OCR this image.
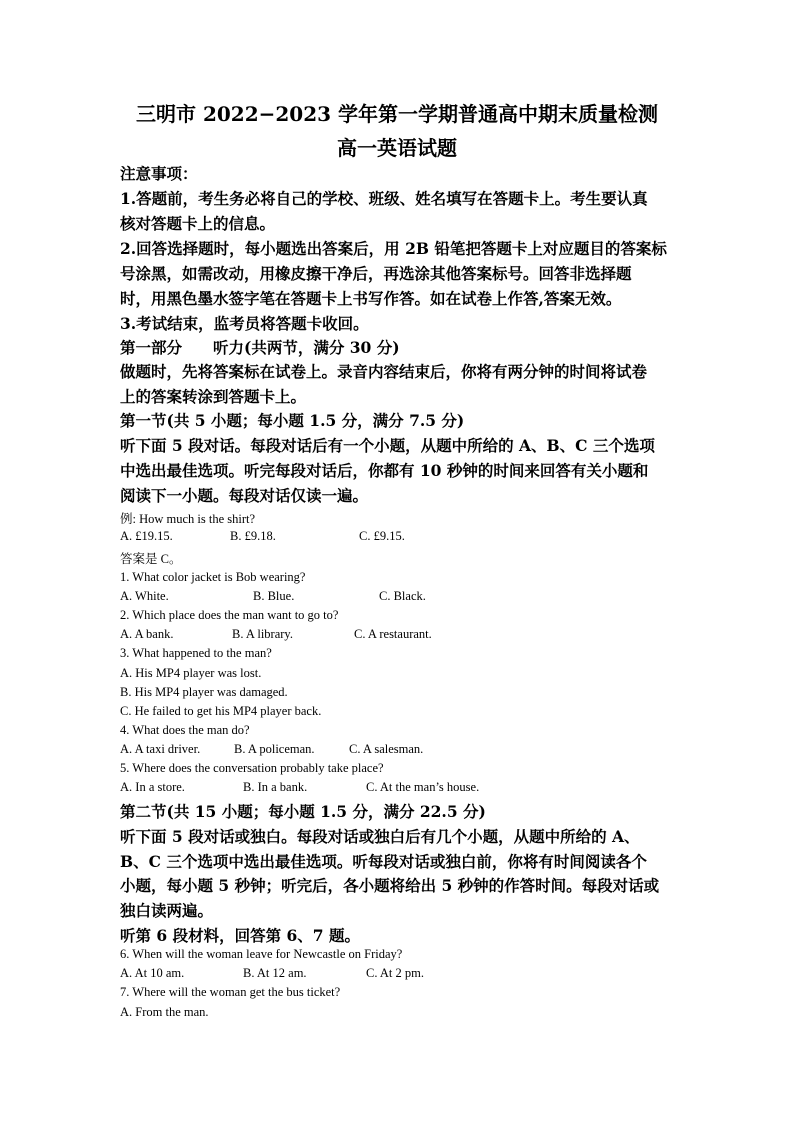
三明市 2022−2023 学年第一学期普通高中期末质量检测
高一英语试题
注意事项：
1.答题前，考生务必将自己的学校、班级、姓名填写在答题卡上。考生要认真
核对答题卡上的信息。
2.回答选择题时，每小题选出答案后，用 2B 铅笔把答题卡上对应题目的答案标
号涂黑，如需改动，用橡皮擦干净后，再选涂其他答案标号。回答非选择题
时，用黑色墨水签字笔在答题卡上书写作答。如在试卷上作答,答案无效。
3.考试结束，监考员将答题卡收回。
第一部分　　听力(共两节，满分 30 分)
做题时，先将答案标在试卷上。录音内容结束后，你将有两分钟的时间将试卷
上的答案转涂到答题卡上。
第一节(共 5 小题；每小题 1.5 分，满分 7.5 分)
听下面 5 段对话。每段对话后有一个小题，从题中所给的 A、B、C 三个选项
中选出最佳选项。听完每段对话后，你都有 10 秒钟的时间来回答有关小题和
阅读下一小题。每段对话仅读一遍。
例: How much is the shirt?
A. £19.15.	B. £9.18.	C. £9.15.
答案是 C。
1. What color jacket is Bob wearing?
A. White.	B. Blue.	C. Black.
2. Which place does the man want to go to?
A. A bank.	B. A library.	C. A restaurant.
3. What happened to the man?
A. His MP4 player was lost.
B. His MP4 player was damaged.
C. He failed to get his MP4 player back.
4. What does the man do?
A. A taxi driver.	B. A policeman.	C. A salesman.
5. Where does the conversation probably take place?
A. In a store.	B. In a bank.	C. At the man’s house.
第二节(共 15 小题；每小题 1.5 分，满分 22.5 分)
听下面 5 段对话或独白。每段对话或独白后有几个小题，从题中所给的 A、
B、C 三个选项中选出最佳选项。听每段对话或独白前，你将有时间阅读各个
小题，每小题 5 秒钟；听完后，各小题将给出 5 秒钟的作答时间。每段对话或
独白读两遍。
听第 6 段材料，回答第 6、7 题。
6. When will the woman leave for Newcastle on Friday?
A. At 10 am.	B. At 12 am.	C. At 2 pm.
7. Where will the woman get the bus ticket?
A. From the man.
